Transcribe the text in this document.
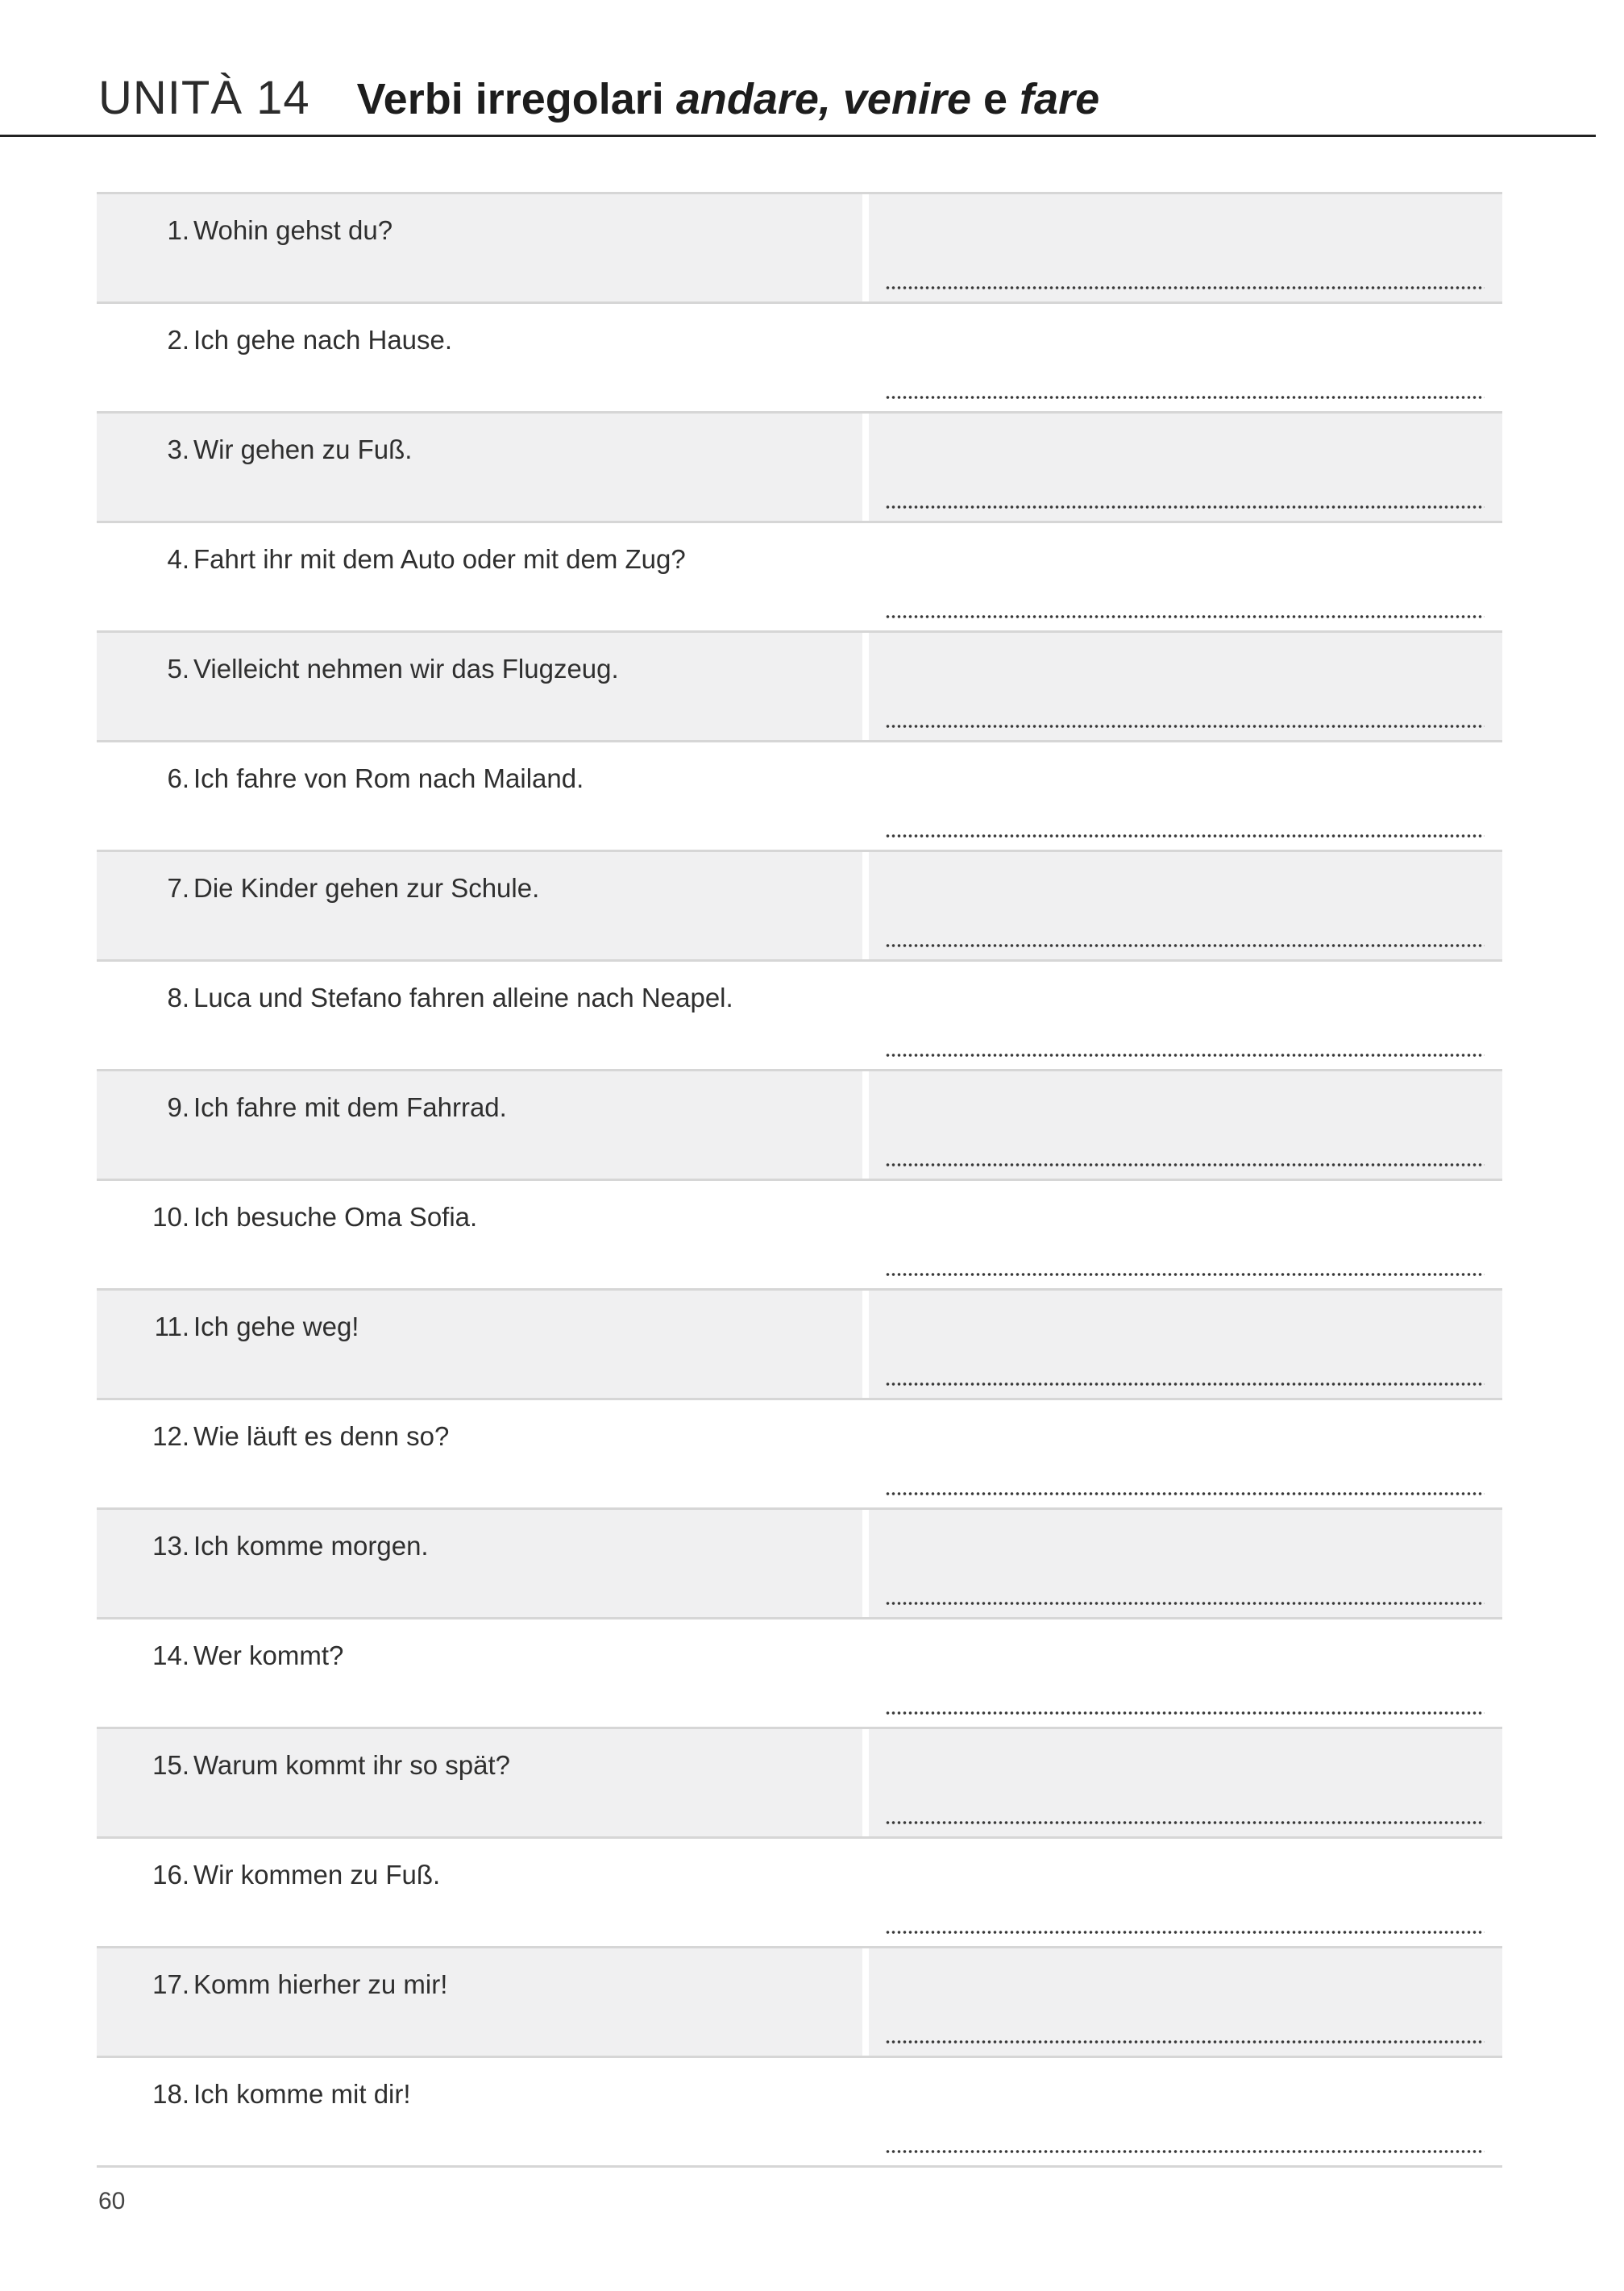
UNITÀ 14 Verbi irregolari andare, venire e fare
1. Wohin gehst du?
2. Ich gehe nach Hause.
3. Wir gehen zu Fuß.
4. Fahrt ihr mit dem Auto oder mit dem Zug?
5. Vielleicht nehmen wir das Flugzeug.
6. Ich fahre von Rom nach Mailand.
7. Die Kinder gehen zur Schule.
8. Luca und Stefano fahren alleine nach Neapel.
9. Ich fahre mit dem Fahrrad.
10. Ich besuche Oma Sofia.
11. Ich gehe weg!
12. Wie läuft es denn so?
13. Ich komme morgen.
14. Wer kommt?
15. Warum kommt ihr so spät?
16. Wir kommen zu Fuß.
17. Komm hierher zu mir!
18. Ich komme mit dir!
60
